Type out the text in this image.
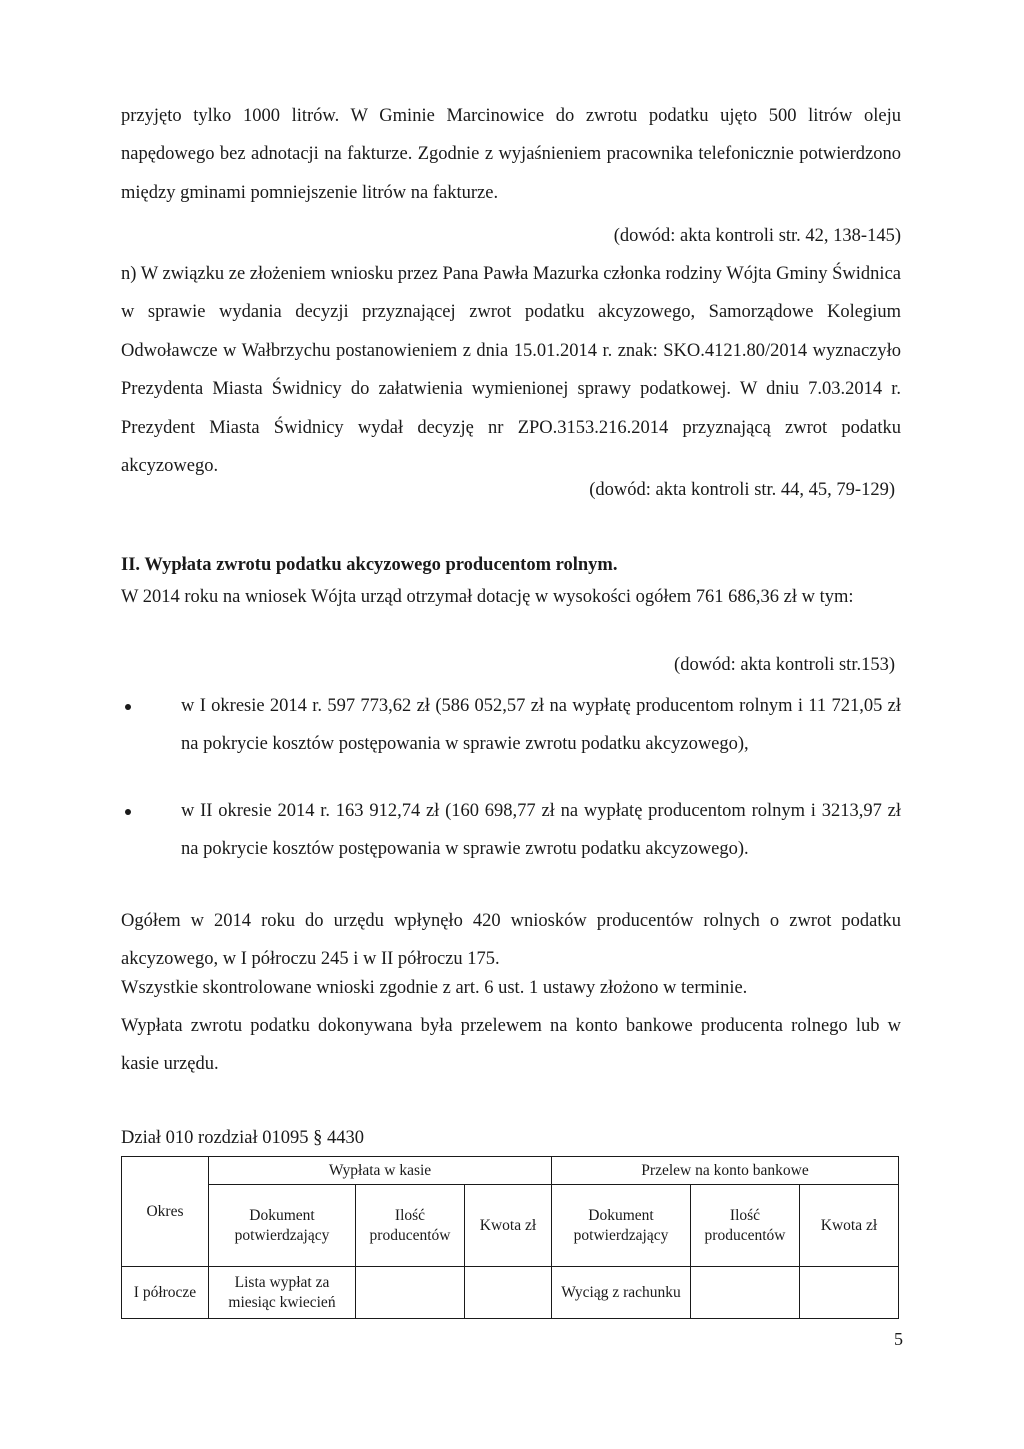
przyjęto tylko 1000 litrów. W Gminie Marcinowice do zwrotu podatku ujęto 500 litrów oleju napędowego bez adnotacji na fakturze. Zgodnie z wyjaśnieniem pracownika telefonicznie potwierdzono między gminami pomniejszenie litrów na fakturze.
(dowód: akta kontroli str. 42, 138-145)
n) W związku ze złożeniem wniosku przez Pana Pawła Mazurka członka rodziny Wójta Gminy Świdnica w sprawie wydania decyzji przyznającej zwrot podatku akcyzowego, Samorządowe Kolegium Odwoławcze w Wałbrzychu postanowieniem z dnia 15.01.2014 r. znak: SKO.4121.80/2014 wyznaczyło Prezydenta Miasta Świdnicy do załatwienia wymienionej sprawy podatkowej. W dniu 7.03.2014 r. Prezydent Miasta Świdnicy wydał decyzję nr ZPO.3153.216.2014 przyznającą zwrot podatku akcyzowego.
(dowód: akta kontroli str. 44, 45, 79-129)
II. Wypłata zwrotu podatku akcyzowego producentom rolnym.
W 2014 roku na wniosek Wójta urząd otrzymał dotację w wysokości ogółem 761 686,36 zł w tym:
(dowód: akta kontroli str.153)
w I okresie 2014 r. 597 773,62 zł (586 052,57 zł na wypłatę producentom rolnym i 11 721,05 zł na pokrycie kosztów postępowania w sprawie zwrotu podatku akcyzowego),
w II okresie 2014 r. 163 912,74 zł (160 698,77 zł na wypłatę producentom rolnym i 3213,97 zł na pokrycie kosztów postępowania w sprawie zwrotu podatku akcyzowego).
Ogółem w 2014 roku do urzędu wpłynęło 420 wniosków producentów rolnych o zwrot podatku akcyzowego, w I półroczu 245 i w II półroczu 175.
Wszystkie skontrolowane wnioski zgodnie z art. 6 ust. 1 ustawy złożono w terminie.
Wypłata zwrotu podatku dokonywana była przelewem na konto bankowe producenta rolnego lub w kasie urzędu.
Dział 010 rozdział 01095 § 4430
Okres	Wypłata w kasie			Przelew na konto bankowe		
	Dokument potwierdzający	Ilość producentów	Kwota zł	Dokument potwierdzający	Ilość producentów	Kwota zł
I półrocze	Lista wypłat za miesiąc kwiecień			Wyciąg z rachunku		
5
